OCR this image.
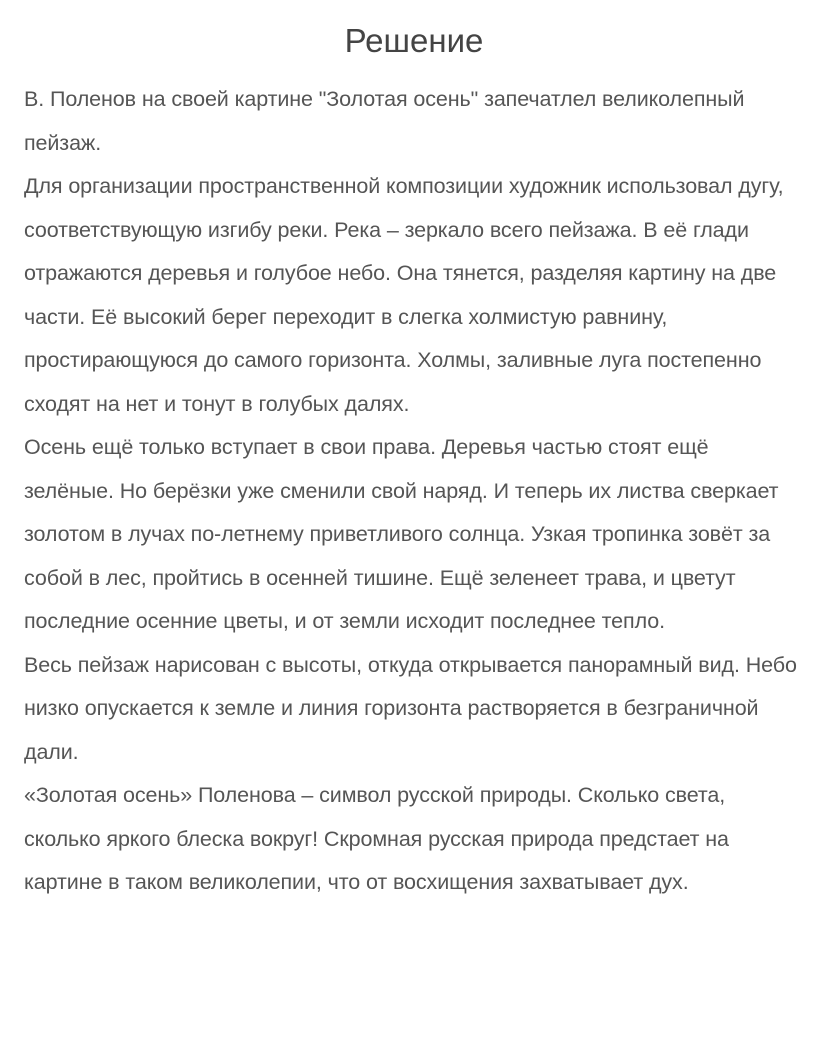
Решение

В. Поленов на своей картине "Золотая осень" запечатлел великолепный пейзаж.

Для организации пространственной композиции художник использовал дугу, соответствующую изгибу реки. Река – зеркало всего пейзажа. В её глади отражаются деревья и голубое небо. Она тянется, разделяя картину на две части. Её высокий берег переходит в слегка холмистую равнину, простирающуюся до самого горизонта. Холмы, заливные луга постепенно сходят на нет и тонут в голубых далях.

Осень ещё только вступает в свои права. Деревья частью стоят ещё зелёные. Но берёзки уже сменили свой наряд. И теперь их листва сверкает золотом в лучах по-летнему приветливого солнца. Узкая тропинка зовёт за собой в лес, пройтись в осенней тишине. Ещё зеленеет трава, и цветут последние осенние цветы, и от земли исходит последнее тепло.

Весь пейзаж нарисован с высоты, откуда открывается панорамный вид. Небо низко опускается к земле и линия горизонта растворяется в безграничной дали.

«Золотая осень» Поленова – символ русской природы. Сколько света, сколько яркого блеска вокруг! Скромная русская природа предстает на картине в таком великолепии, что от восхищения захватывает дух.
